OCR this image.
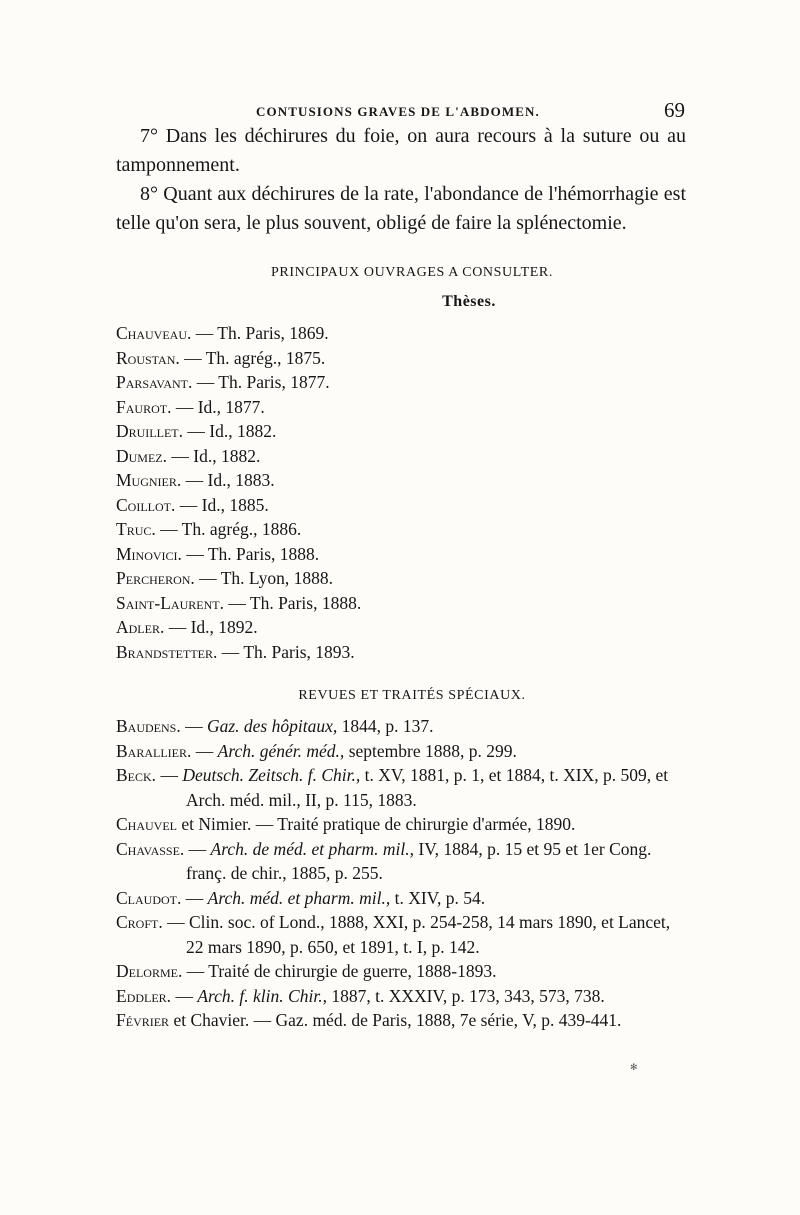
CONTUSIONS GRAVES DE L'ABDOMEN.	69

7° Dans les déchirures du foie, on aura recours à la suture ou au tamponnement.

8° Quant aux déchirures de la rate, l'abondance de l'hémorrhagie est telle qu'on sera, le plus souvent, obligé de faire la splénectomie.

PRINCIPAUX OUVRAGES A CONSULTER.
Thèses.

Chauveau. — Th. Paris, 1869.

Roustan. — Th. agrég., 1875.

Parsavant. — Th. Paris, 1877.

Faurot. — Id., 1877.

Druillet. — Id., 1882.

Dumez. — Id., 1882.

Mugnier. — Id., 1883.

Coillot. — Id., 1885.

Truc. — Th. agrég., 1886.

Minovici. — Th. Paris, 1888.

Percheron. — Th. Lyon, 1888.

Saint-Laurent. — Th. Paris, 1888.

Adler. — Id., 1892.

Brandstetter. — Th. Paris, 1893.

REVUES ET TRAITÉS SPÉCIAUX.

Baudens. — Gaz. des hôpitaux, 1844, p. 137.

Barallier. — Arch. génér. méd., septembre 1888, p. 299.

Beck. — Deutsch. Zeitsch. f. Chir., t. XV, 1881, p. 1, et 1884, t. XIX, p. 509, et Arch. méd. mil., II, p. 115, 1883.

Chauvel et Nimier. — Traité pratique de chirurgie d'armée, 1890.

Chavasse. — Arch. de méd. et pharm. mil., IV, 1884, p. 15 et 95 et 1er Cong. franç. de chir., 1885, p. 255.

Claudot. — Arch. méd. et pharm. mil., t. XIV, p. 54.

Croft. — Clin. soc. of Lond., 1888, XXI, p. 254-258, 14 mars 1890, et Lancet, 22 mars 1890, p. 650, et 1891, t. I, p. 142.

Delorme. — Traité de chirurgie de guerre, 1888-1893.

Eddler. — Arch. f. klin. Chir., 1887, t. XXXIV, p. 173, 343, 573, 738.

Février et Chavier. — Gaz. méd. de Paris, 1888, 7e série, V, p. 439-441.

✻
